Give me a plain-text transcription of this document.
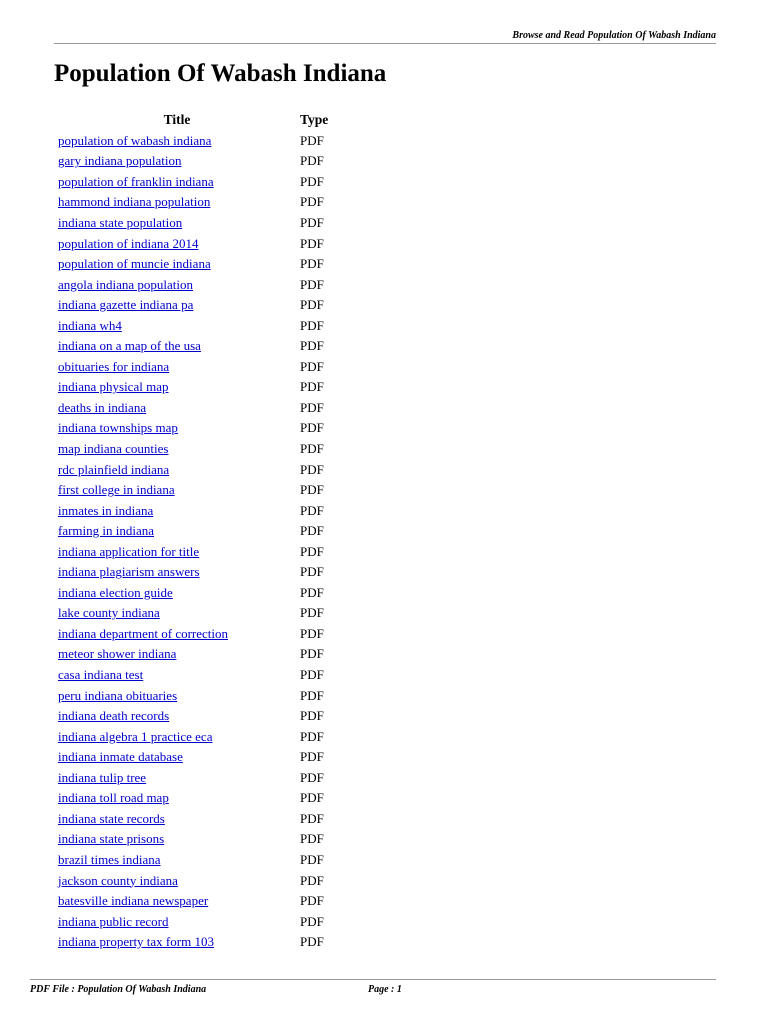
Browse and Read Population Of Wabash Indiana
Population Of Wabash Indiana
Title	Type
population of wabash indiana	PDF
gary indiana population	PDF
population of franklin indiana	PDF
hammond indiana population	PDF
indiana state population	PDF
population of indiana 2014	PDF
population of muncie indiana	PDF
angola indiana population	PDF
indiana gazette indiana pa	PDF
indiana wh4	PDF
indiana on a map of the usa	PDF
obituaries for indiana	PDF
indiana physical map	PDF
deaths in indiana	PDF
indiana townships map	PDF
map indiana counties	PDF
rdc plainfield indiana	PDF
first college in indiana	PDF
inmates in indiana	PDF
farming in indiana	PDF
indiana application for title	PDF
indiana plagiarism answers	PDF
indiana election guide	PDF
lake county indiana	PDF
indiana department of correction	PDF
meteor shower indiana	PDF
casa indiana test	PDF
peru indiana obituaries	PDF
indiana death records	PDF
indiana algebra 1 practice eca	PDF
indiana inmate database	PDF
indiana tulip tree	PDF
indiana toll road map	PDF
indiana state records	PDF
indiana state prisons	PDF
brazil times indiana	PDF
jackson county indiana	PDF
batesville indiana newspaper	PDF
indiana public record	PDF
indiana property tax form 103	PDF
PDF File : Population Of Wabash Indiana	Page : 1
